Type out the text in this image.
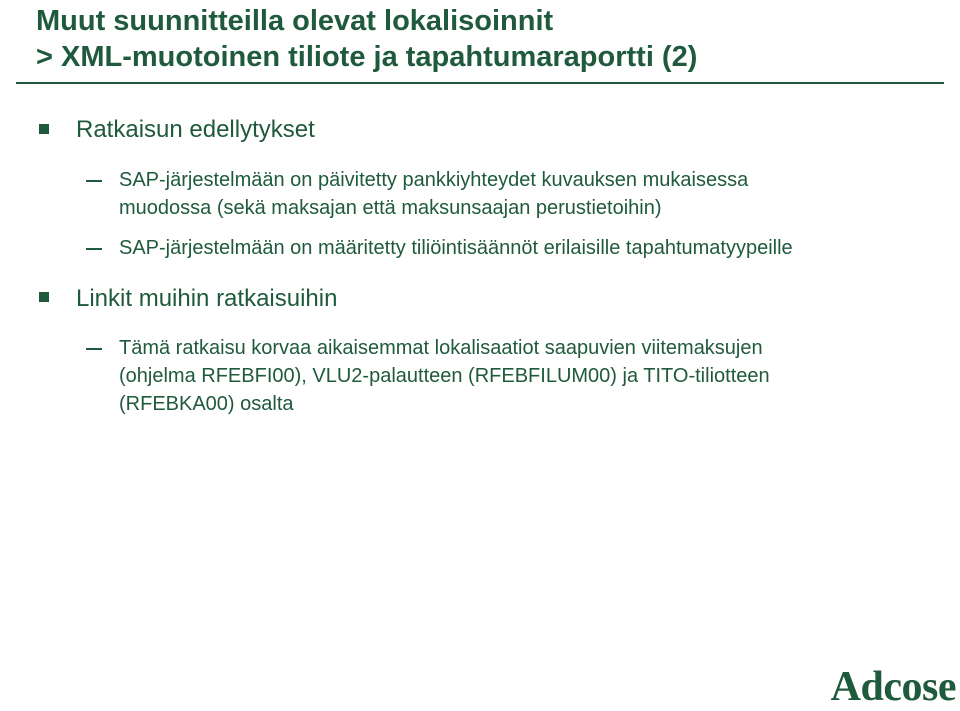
Muut suunnitteilla olevat lokalisoinnit
> XML-muotoinen tiliote ja tapahtumaraportti (2)
Ratkaisun edellytykset
SAP-järjestelmään on päivitetty pankkiyhteydet kuvauksen mukaisessa
muodossa (sekä maksajan että maksunsaajan perustietoihin)
SAP-järjestelmään on määritetty tiliöintisäännöt erilaisille tapahtumatyypeille
Linkit muihin ratkaisuihin
Tämä ratkaisu korvaa aikaisemmat lokalisaatiot saapuvien viitemaksujen
(ohjelma RFEBFI00), VLU2-palautteen (RFEBFILUM00) ja TITO-tiliotteen
(RFEBKA00) osalta
Adcose
